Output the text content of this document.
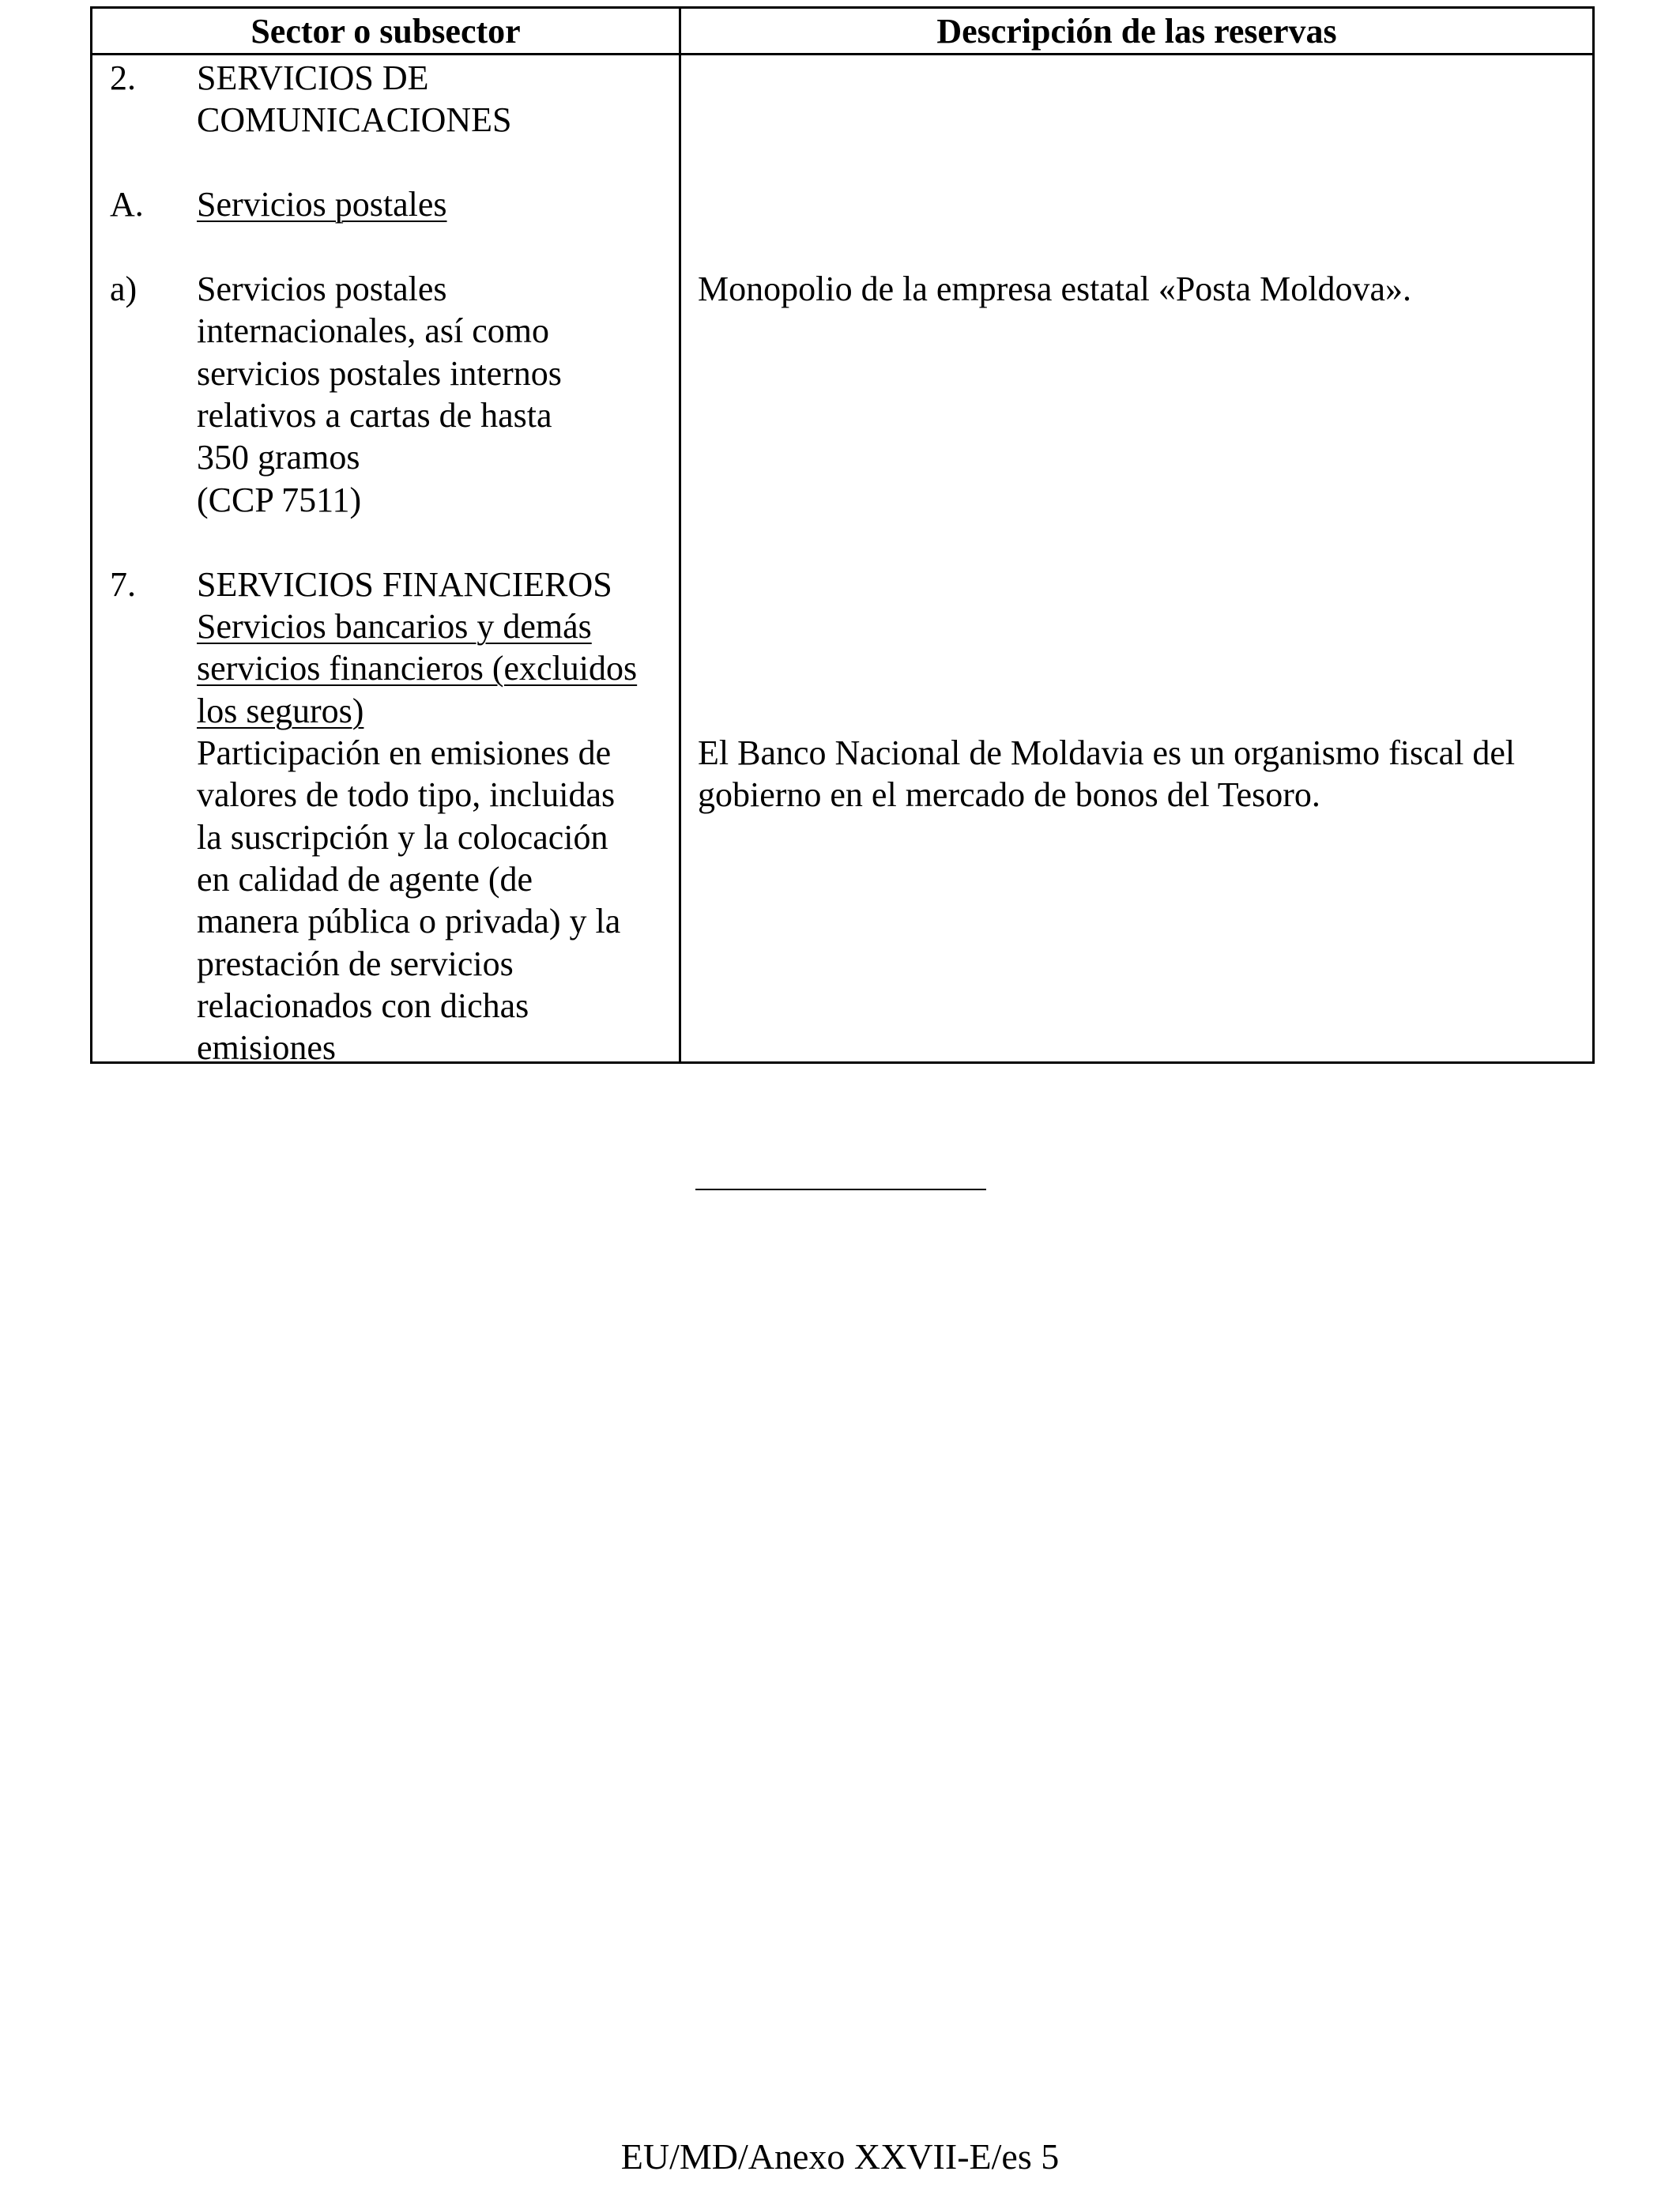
Sector o subsector	Descripción de las reservas
2. SERVICIOS DE
COMUNICACIONES
A. Servicios postales
a) Servicios postales
internacionales, así como
servicios postales internos
relativos a cartas de hasta
350 gramos
(CCP 7511)
7. SERVICIOS FINANCIEROS
Servicios bancarios y demás
servicios financieros (excluidos
los seguros)
Participación en emisiones de
valores de todo tipo, incluidas
la suscripción y la colocación
en calidad de agente (de
manera pública o privada) y la
prestación de servicios
relacionados con dichas
emisiones
Monopolio de la empresa estatal «Posta Moldova».
El Banco Nacional de Moldavia es un organismo fiscal del
gobierno en el mercado de bonos del Tesoro.
EU/MD/Anexo XXVII-E/es 5
